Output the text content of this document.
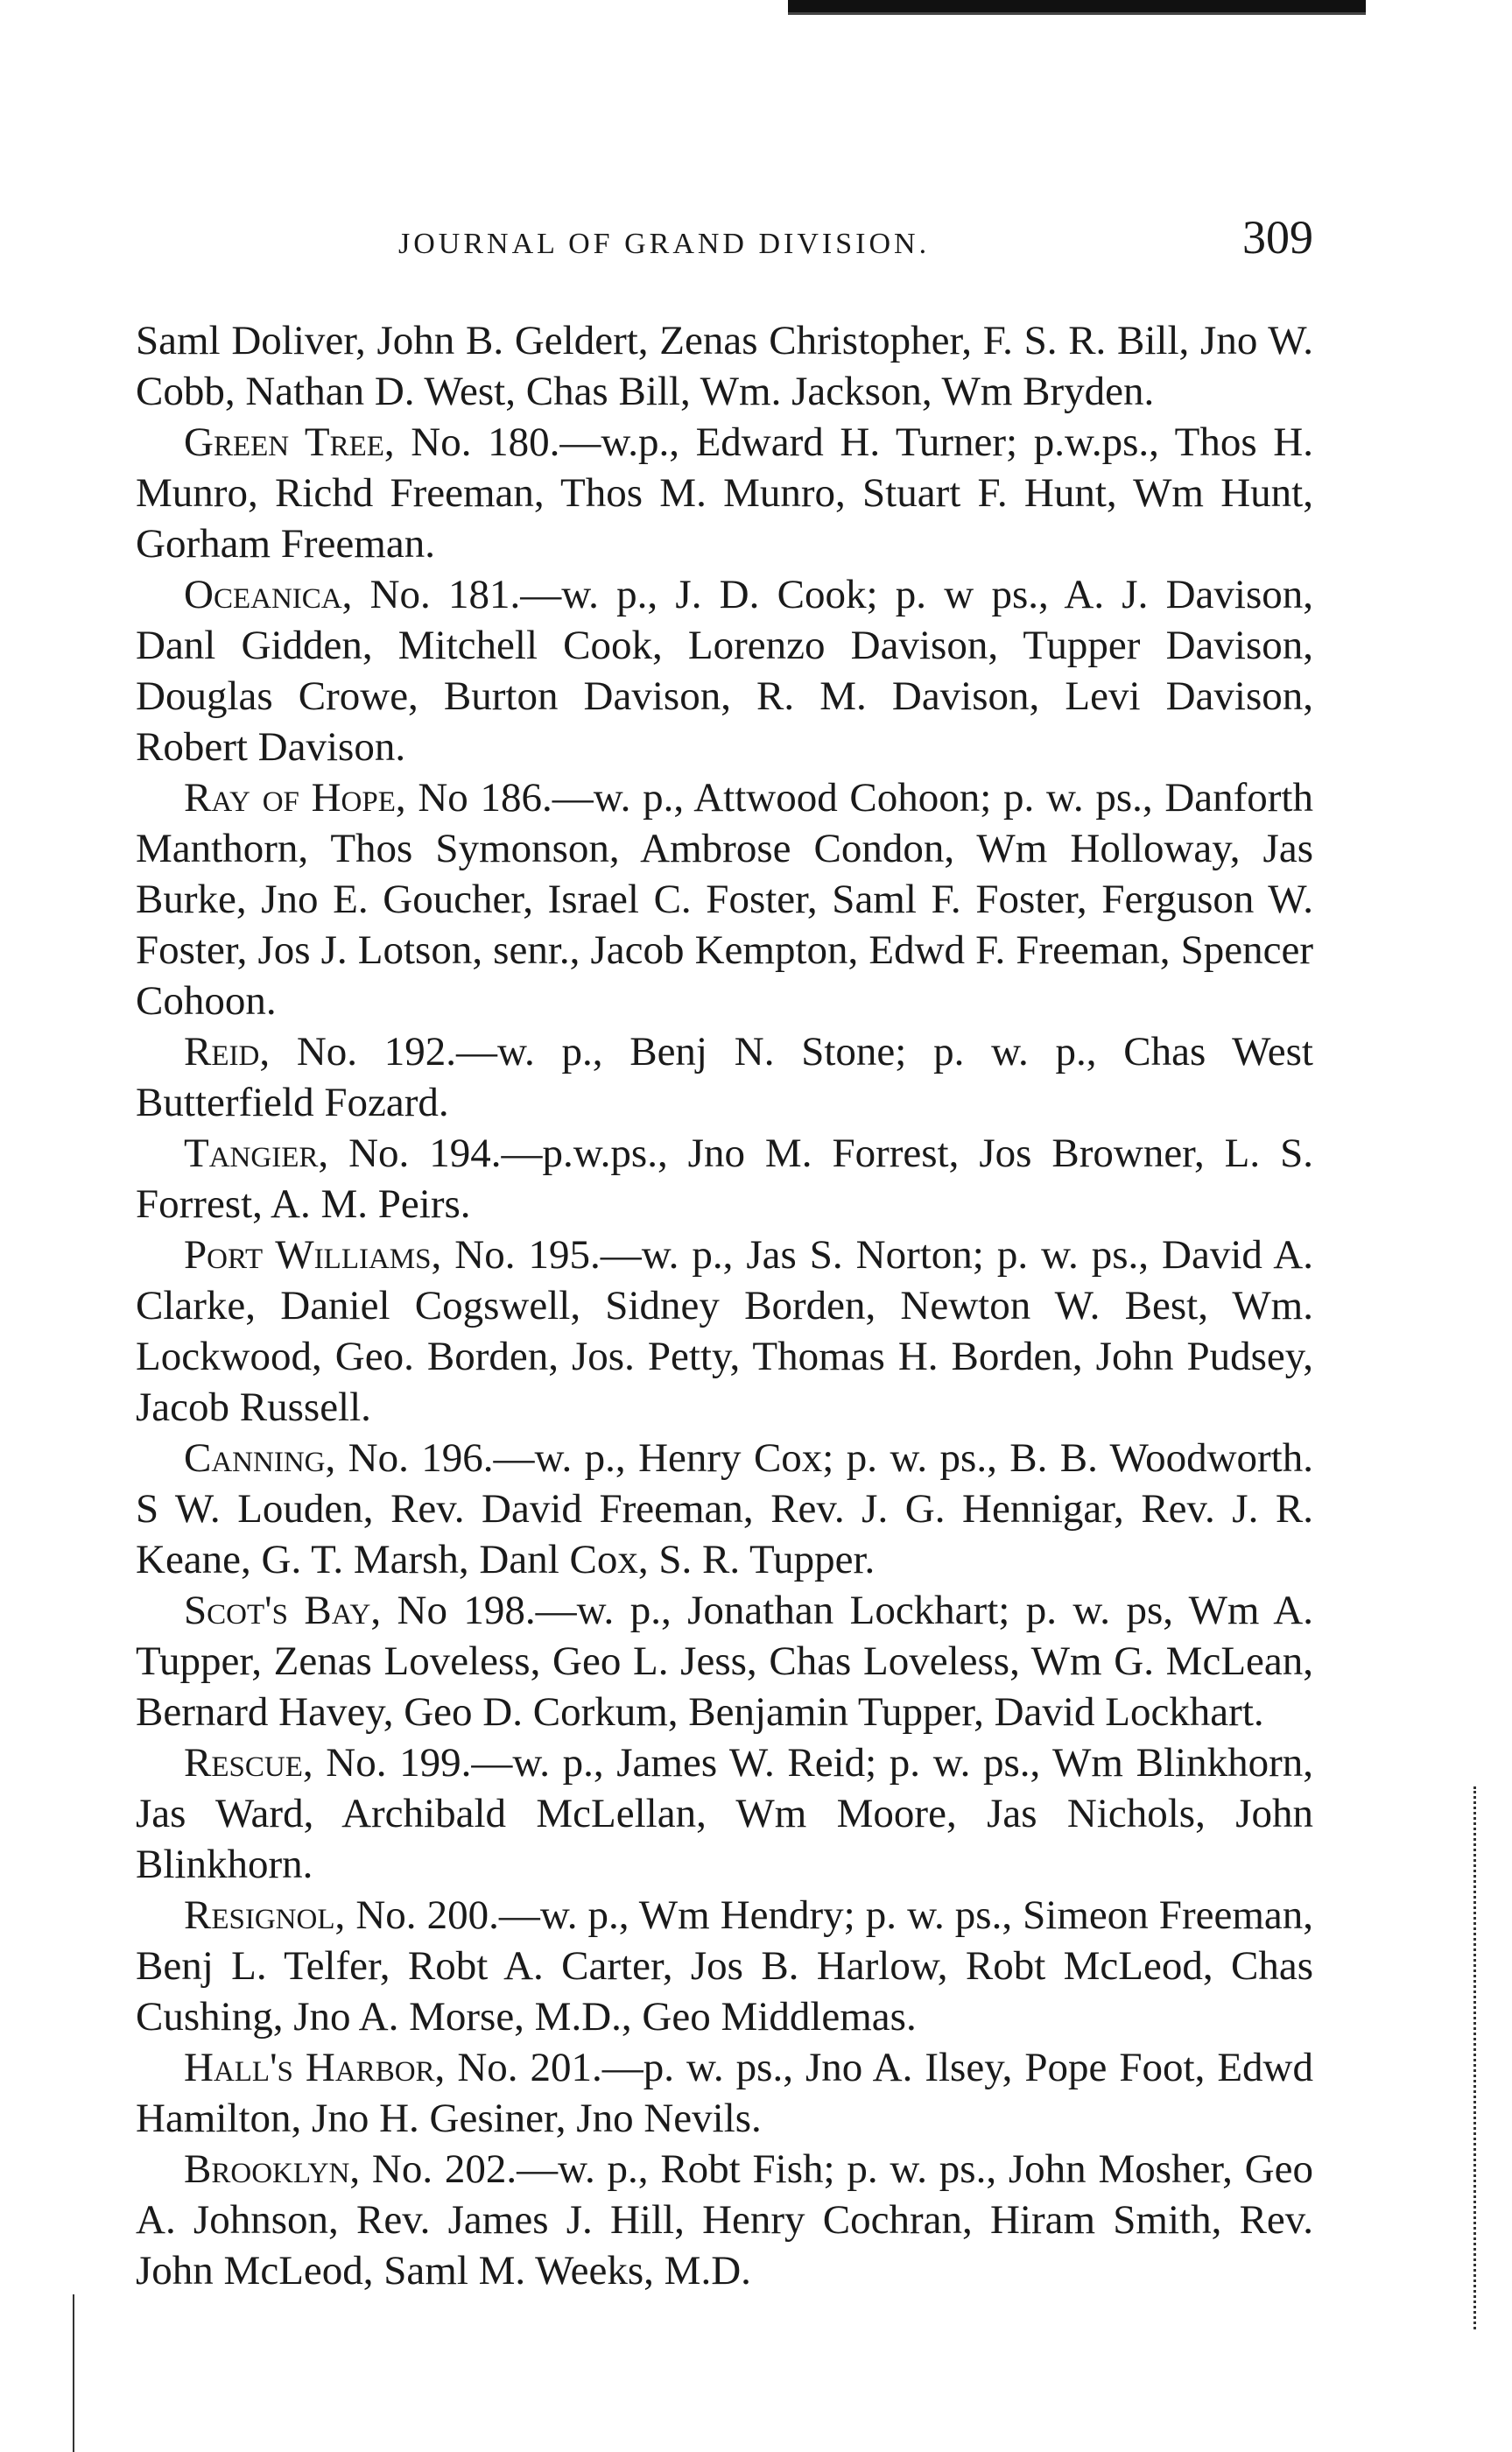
JOURNAL OF GRAND DIVISION.	309

Saml Doliver, John B. Geldert, Zenas Christopher, F. S. R. Bill, Jno W. Cobb, Nathan D. West, Chas Bill, Wm. Jackson, Wm Bryden.

Green Tree, No. 180.—w.p., Edward H. Turner; p.w.ps., Thos H. Munro, Richd Freeman, Thos M. Munro, Stuart F. Hunt, Wm Hunt, Gorham Freeman.

Oceanica, No. 181.—w. p., J. D. Cook; p. w ps., A. J. Davison, Danl Gidden, Mitchell Cook, Lorenzo Davison, Tupper Davison, Douglas Crowe, Burton Davison, R. M. Davison, Levi Davison, Robert Davison.

Ray of Hope, No 186.—w. p., Attwood Cohoon; p. w. ps., Danforth Manthorn, Thos Symonson, Ambrose Condon, Wm Holloway, Jas Burke, Jno E. Goucher, Israel C. Foster, Saml F. Foster, Ferguson W. Foster, Jos J. Lotson, senr., Jacob Kempton, Edwd F. Freeman, Spencer Cohoon.

Reid, No. 192.—w. p., Benj N. Stone; p. w. p., Chas West Butterfield Fozard.

Tangier, No. 194.—p.w.ps., Jno M. Forrest, Jos Browner, L. S. Forrest, A. M. Peirs.

Port Williams, No. 195.—w. p., Jas S. Norton; p. w. ps., David A. Clarke, Daniel Cogswell, Sidney Borden, Newton W. Best, Wm. Lockwood, Geo. Borden, Jos. Petty, Thomas H. Borden, John Pudsey, Jacob Russell.

Canning, No. 196.—w. p., Henry Cox; p. w. ps., B. B. Woodworth. S W. Louden, Rev. David Freeman, Rev. J. G. Hennigar, Rev. J. R. Keane, G. T. Marsh, Danl Cox, S. R. Tupper.

Scot's Bay, No 198.—w. p., Jonathan Lockhart; p. w. ps, Wm A. Tupper, Zenas Loveless, Geo L. Jess, Chas Loveless, Wm G. McLean, Bernard Havey, Geo D. Corkum, Benjamin Tupper, David Lockhart.

Rescue, No. 199.—w. p., James W. Reid; p. w. ps., Wm Blinkhorn, Jas Ward, Archibald McLellan, Wm Moore, Jas Nichols, John Blinkhorn.

Resignol, No. 200.—w. p., Wm Hendry; p. w. ps., Simeon Freeman, Benj L. Telfer, Robt A. Carter, Jos B. Harlow, Robt McLeod, Chas Cushing, Jno A. Morse, M.D., Geo Middlemas.

Hall's Harbor, No. 201.—p. w. ps., Jno A. Ilsey, Pope Foot, Edwd Hamilton, Jno H. Gesiner, Jno Nevils.

Brooklyn, No. 202.—w. p., Robt Fish; p. w. ps., John Mosher, Geo A. Johnson, Rev. James J. Hill, Henry Cochran, Hiram Smith, Rev. John McLeod, Saml M. Weeks, M.D.
